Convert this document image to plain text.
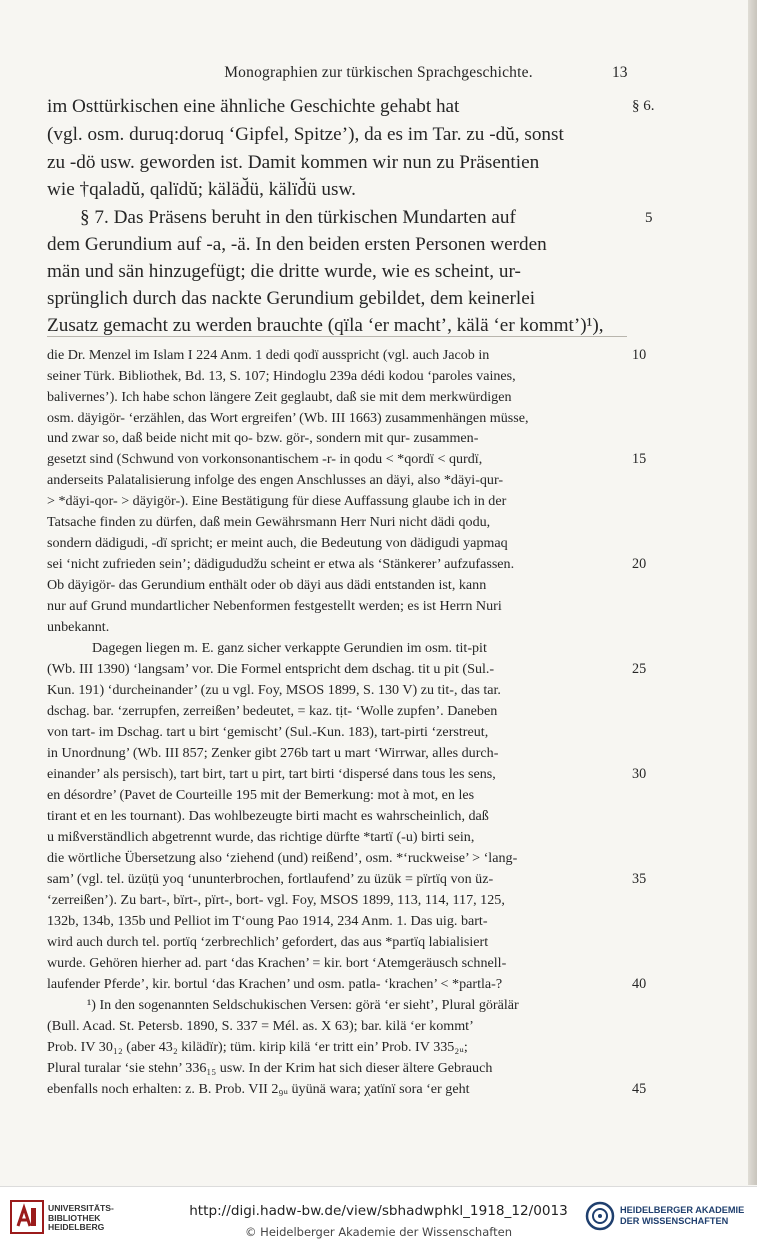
Monographien zur türkischen Sprachgeschichte.	13
im Osttürkischen eine ähnliche Geschichte gehabt hat
(vgl. osm. duruq:doruq ‘Gipfel, Spitze’), da es im Tar. zu -dŭ, sonst
zu -dö usw. geworden ist. Damit kommen wir nun zu Präsentien
wie †qaladŭ, qalïdŭ; käläd̆ü, kälïd̆ü usw.
§ 7. Das Präsens beruht in den türkischen Mundarten auf
dem Gerundium auf -a, -ä. In den beiden ersten Personen werden
män und sän hinzugefügt; die dritte wurde, wie es scheint, ur-
sprünglich durch das nackte Gerundium gebildet, dem keinerlei
Zusatz gemacht zu werden brauchte (qïla ‘er macht’, kälä ‘er kommt’)¹),
§ 6.
5
die Dr. Menzel im Islam I 224 Anm. 1 dedi qodï ausspricht (vgl. auch Jacob in
seiner Türk. Bibliothek, Bd. 13, S. 107; Hindoglu 239a dédi kodou ‘paroles vaines,
balivernes’). Ich habe schon längere Zeit geglaubt, daß sie mit dem merkwürdigen
osm. däyigör- ‘erzählen, das Wort ergreifen’ (Wb. III 1663) zusammenhängen müsse,
und zwar so, daß beide nicht mit qo- bzw. gör-, sondern mit qur- zusammen-
gesetzt sind (Schwund von vorkonsonantischem -r- in qodu < *qordï < qurdï,
anderseits Palatalisierung infolge des engen Anschlusses an däyi, also *däyi-qur-
> *däyi-qor- > däyigör-). Eine Bestätigung für diese Auffassung glaube ich in der
Tatsache finden zu dürfen, daß mein Gewährsmann Herr Nuri nicht dädi qodu,
sondern dädigudi, -dï spricht; er meint auch, die Bedeutung von dädigudi yapmaq
sei ‘nicht zufrieden sein’; dädigududžu scheint er etwa als ‘Stänkerer’ aufzufassen.
Ob däyigör- das Gerundium enthält oder ob däyi aus dädi entstanden ist, kann
nur auf Grund mundartlicher Nebenformen festgestellt werden; es ist Herrn Nuri
unbekannt.
Dagegen liegen m. E. ganz sicher verkappte Gerundien im osm. tit-pit
(Wb. III 1390) ‘langsam’ vor. Die Formel entspricht dem dschag. tit u pit (Sul.-
Kun. 191) ‘durcheinander’ (zu u vgl. Foy, MSOS 1899, S. 130 V) zu tit-, das tar.
dschag. bar. ‘zerrupfen, zerreißen’ bedeutet, = kaz. tịt- ‘Wolle zupfen’. Daneben
von tart- im Dschag. tart u birt ‘gemischt’ (Sul.-Kun. 183), tart-pirti ‘zerstreut,
in Unordnung’ (Wb. III 857; Zenker gibt 276b tart u mart ‘Wirrwar, alles durch-
einander’ als persisch), tart birt, tart u pirt, tart birti ‘dispersé dans tous les sens,
en désordre’ (Pavet de Courteille 195 mit der Bemerkung: mot à mot, en les
tirant et en les tournant). Das wohlbezeugte birti macht es wahrscheinlich, daß
u mißverständlich abgetrennt wurde, das richtige dürfte *tartï (-u) birti sein,
die wörtliche Übersetzung also ‘ziehend (und) reißend’, osm. *‘ruckweise’ > ‘lang-
sam’ (vgl. tel. üzüṭü yoq ‘ununterbrochen, fortlaufend’ zu üzük = pïrtïq von üz-
‘zerreißen’). Zu bart-, bïrt-, pïrt-, bort- vgl. Foy, MSOS 1899, 113, 114, 117, 125,
132b, 134b, 135b und Pelliot im T‘oung Pao 1914, 234 Anm. 1. Das uig. bart-
wird auch durch tel. portïq ‘zerbrechlich’ gefordert, das aus *partïq labialisiert
wurde. Gehören hierher ad. part ‘das Krachen’ = kir. bort ‘Atemgeräusch schnell-
laufender Pferde’, kir. bortul ‘das Krachen’ und osm. patla- ‘krachen’ < *partla-?
¹) In den sogenannten Seldschukischen Versen: görä ‘er sieht’, Plural görälär
(Bull. Acad. St. Petersb. 1890, S. 337 = Mél. as. X 63); bar. kilä ‘er kommt’
Prob. IV 30₁₂ (aber 43₂ kilädïr); tüm. kirip kilä ‘er tritt ein’ Prob. IV 335₂ᵤ;
Plural turalar ‘sie stehn’ 336₁₅ usw. In der Krim hat sich dieser ältere Gebrauch
ebenfalls noch erhalten: z. B. Prob. VII 2₉ᵤ üyünä wara; χatïnï sora ‘er geht
10
15
20
25
30
35
40
45
UNIVERSITÄTS-
BIBLIOTHEK
HEIDELBERG
http://digi.hadw-bw.de/view/sbhadwphkl_1918_12/0013
© Heidelberger Akademie der Wissenschaften
HEIDELBERGER AKADEMIE
DER WISSENSCHAFTEN
